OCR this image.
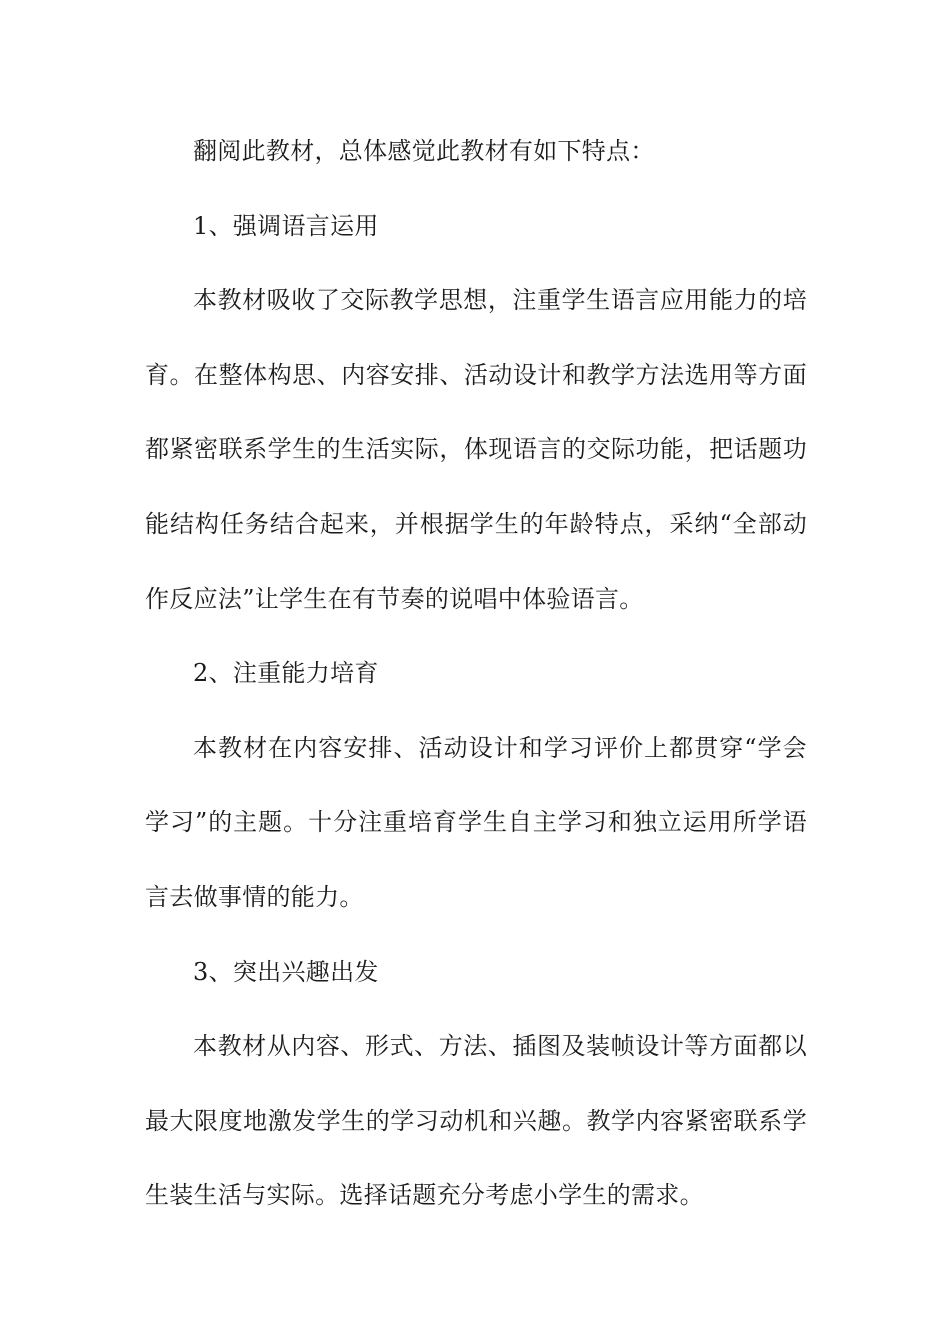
翻阅此教材，总体感觉此教材有如下特点：

1、强调语言运用

本教材吸收了交际教学思想，注重学生语言应用能力的培育。在整体构思、内容安排、活动设计和教学方法选用等方面都紧密联系学生的生活实际，体现语言的交际功能，把话题功能结构任务结合起来，并根据学生的年龄特点，采纳“全部动作反应法”让学生在有节奏的说唱中体验语言。

2、注重能力培育

本教材在内容安排、活动设计和学习评价上都贯穿“学会学习”的主题。十分注重培育学生自主学习和独立运用所学语言去做事情的能力。

3、突出兴趣出发

本教材从内容、形式、方法、插图及装帧设计等方面都以最大限度地激发学生的学习动机和兴趣。教学内容紧密联系学生装生活与实际。选择话题充分考虑小学生的需求。
